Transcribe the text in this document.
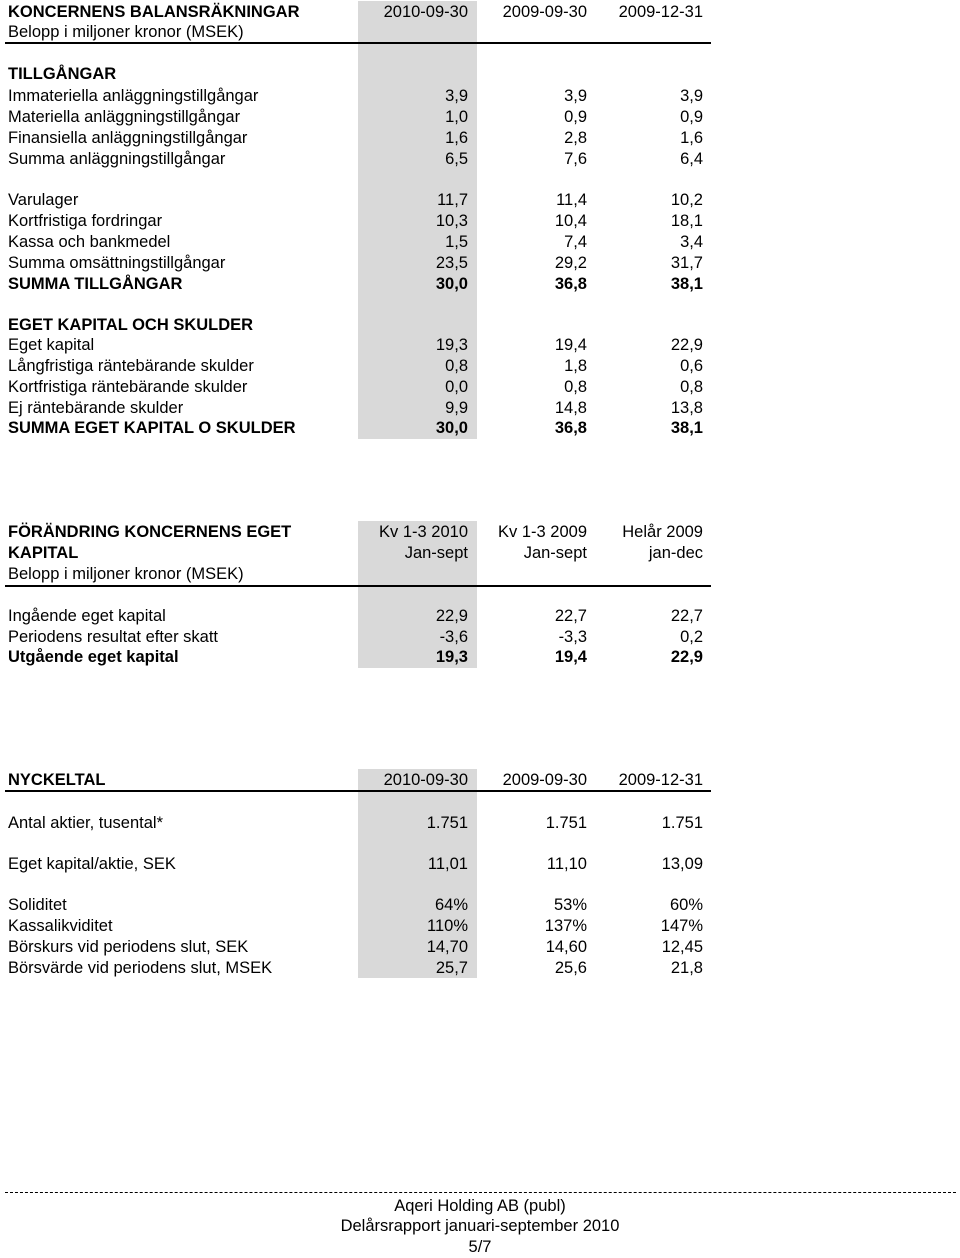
KONCERNENS BALANSRÄKNINGAR	2010-09-30	2009-09-30	2009-12-31
Belopp i miljoner kronor (MSEK)
TILLGÅNGAR
Immateriella anläggningstillgångar	3,9	3,9	3,9
Materiella anläggningstillgångar	1,0	0,9	0,9
Finansiella anläggningstillgångar	1,6	2,8	1,6
Summa anläggningstillgångar	6,5	7,6	6,4
Varulager	11,7	11,4	10,2
Kortfristiga fordringar	10,3	10,4	18,1
Kassa och bankmedel	1,5	7,4	3,4
Summa omsättningstillgångar	23,5	29,2	31,7
SUMMA TILLGÅNGAR	30,0	36,8	38,1
EGET KAPITAL OCH SKULDER
Eget kapital	19,3	19,4	22,9
Långfristiga räntebärande skulder	0,8	1,8	0,6
Kortfristiga räntebärande skulder	0,0	0,8	0,8
Ej räntebärande skulder	9,9	14,8	13,8
SUMMA EGET KAPITAL O SKULDER	30,0	36,8	38,1
FÖRÄNDRING KONCERNENS EGET	Kv 1-3 2010	Kv 1-3 2009	Helår 2009
KAPITAL	Jan-sept	Jan-sept	jan-dec
Belopp i miljoner kronor (MSEK)
Ingående eget kapital	22,9	22,7	22,7
Periodens resultat efter skatt	-3,6	-3,3	0,2
Utgående eget kapital	19,3	19,4	22,9
NYCKELTAL	2010-09-30	2009-09-30	2009-12-31
Antal aktier, tusental*	1.751	1.751	1.751
Eget kapital/aktie, SEK	11,01	11,10	13,09
Soliditet	64%	53%	60%
Kassalikviditet	110%	137%	147%
Börskurs vid periodens slut, SEK	14,70	14,60	12,45
Börsvärde vid periodens slut, MSEK	25,7	25,6	21,8
Aqeri Holding AB (publ)
Delårsrapport januari-september 2010
5/7
